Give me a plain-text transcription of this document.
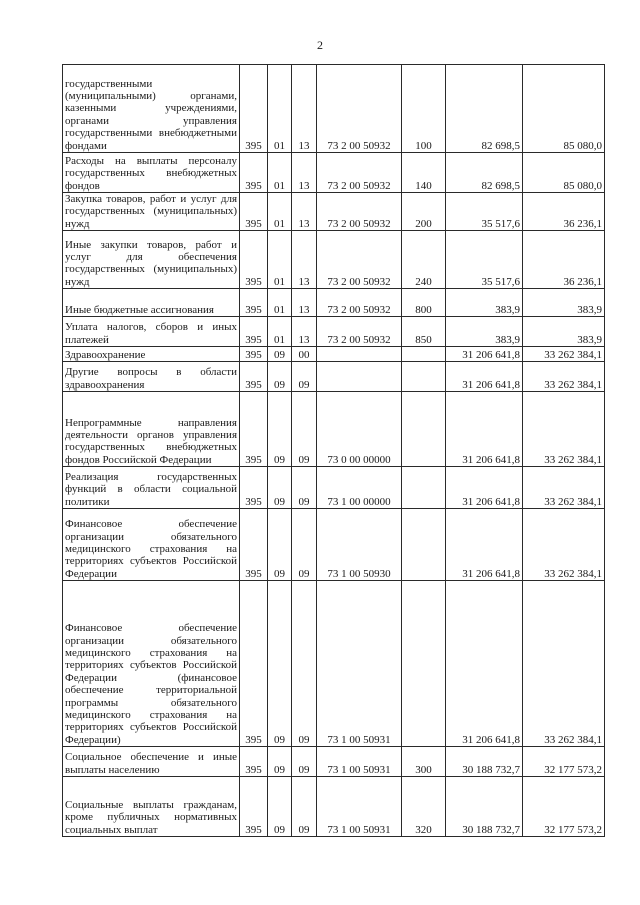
2
государственными (муниципальными) органами, казенными учреждениями, органами управления государственными внебюджетными фондами	395	01	13	73 2 00 50932	100	82 698,5	85 080,0
Расходы на выплаты персоналу государственных внебюджетных фондов	395	01	13	73 2 00 50932	140	82 698,5	85 080,0
Закупка товаров, работ и услуг для государственных (муниципальных) нужд	395	01	13	73 2 00 50932	200	35 517,6	36 236,1
Иные закупки товаров, работ и услуг для обеспечения государственных (муниципальных) нужд	395	01	13	73 2 00 50932	240	35 517,6	36 236,1
Иные бюджетные ассигнования	395	01	13	73 2 00 50932	800	383,9	383,9
Уплата налогов, сборов и иных платежей	395	01	13	73 2 00 50932	850	383,9	383,9
Здравоохранение	395	09	00			31 206 641,8	33 262 384,1
Другие вопросы в области здравоохранения	395	09	09			31 206 641,8	33 262 384,1
Непрограммные направления деятельности органов управления государственных внебюджетных фондов Российской Федерации	395	09	09	73 0 00 00000		31 206 641,8	33 262 384,1
Реализация государственных функций в области социальной политики	395	09	09	73 1 00 00000		31 206 641,8	33 262 384,1
Финансовое обеспечение организации обязательного медицинского страхования на территориях субъектов Российской Федерации	395	09	09	73 1 00 50930		31 206 641,8	33 262 384,1
Финансовое обеспечение организации обязательного медицинского страхования на территориях субъектов Российской Федерации (финансовое обеспечение территориальной программы обязательного медицинского страхования на территориях субъектов Российской Федерации)	395	09	09	73 1 00 50931		31 206 641,8	33 262 384,1
Социальное обеспечение и иные выплаты населению	395	09	09	73 1 00 50931	300	30 188 732,7	32 177 573,2
Социальные выплаты гражданам, кроме публичных нормативных социальных выплат	395	09	09	73 1 00 50931	320	30 188 732,7	32 177 573,2
